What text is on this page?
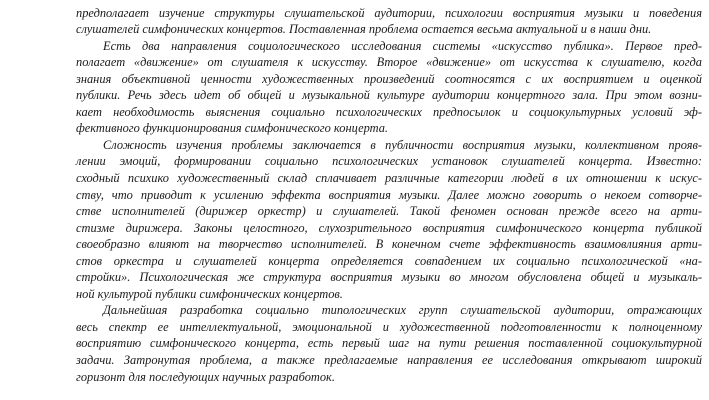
предполагает изучение структуры слушательской аудитории, психологии восприятия музыки и поведения
слушателей симфонических концертов. Поставленная проблема остается весьма актуальной и в наши дни.
Есть два направления социологического исследования системы «искусство публика». Первое пред-
полагает «движение» от слушателя к искусству. Второе «движение» от искусства к слушателю, когда
знания объективной ценности художественных произведений соотносятся с их восприятием и оценкой
публики. Речь здесь идет об общей и музыкальной культуре аудитории концертного зала. При этом возни-
кает необходимость выяснения социально психологических предпосылок и социокультурных условий эф-
фективного функционирования симфонического концерта.
Сложность изучения проблемы заключается в публичности восприятия музыки, коллективном прояв-
лении эмоций, формировании социально психологических установок слушателей концерта. Известно:
сходный психико художественный склад сплачивает различные категории людей в их отношении к искус-
ству, что приводит к усилению эффекта восприятия музыки. Далее можно говорить о некоем сотворче-
стве исполнителей (дирижер оркестр) и слушателей. Такой феномен основан прежде всего на арти-
стизме дирижера. Законы целостного, слухозрительного восприятия симфонического концерта публикой
своеобразно влияют на творчество исполнителей. В конечном счете эффективность взаимовлияния арти-
стов оркестра и слушателей концерта определяется совпадением их социально психологической «на-
стройки». Психологическая же структура восприятия музыки во многом обусловлена общей и музыкаль-
ной культурой публики симфонических концертов.
Дальнейшая разработка социально типологических групп слушательской аудитории, отражающих
весь спектр ее интеллектуальной, эмоциональной и художественной подготовленности к полноценному
восприятию симфонического концерта, есть первый шаг на пути решения поставленной социокультурной
задачи. Затронутая проблема, а также предлагаемые направления ее исследования открывают широкий
горизонт для последующих научных разработок.
